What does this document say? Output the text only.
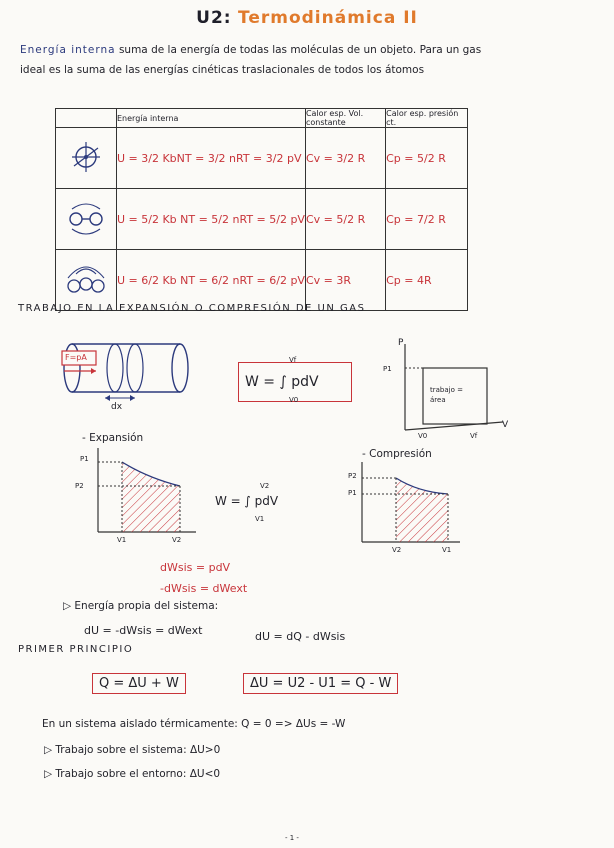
U2: Termodinámica II
Energía interna suma de la energía de todas las moléculas de un objeto. Para un gas
ideal es la suma de las energías cinéticas traslacionales de todos los átomos
	Energía interna	Calor esp. Vol. constante	Calor esp. presión ct.
	U = 3/2 KbNT = 3/2 nRT = 3/2 pV	Cv = 3/2 R	Cp = 5/2 R
	U = 5/2 Kb NT = 5/2 nRT = 5/2 pV	Cv = 5/2 R	Cp = 7/2 R
	U = 6/2 Kb NT = 6/2 nRT = 6/2 pV	Cv = 3R	Cp = 4R
TRABAJO EN LA EXPANSIÓN O COMPRESIÓN DE UN GAS
F=pA
dx
W = ∫ pdV
V0
Vf
P
V
P1
V0	Vf
trabajo = área
- Expansión
P1
P2
V1	V2
W = ∫ pdV
V1
V2
- Compresión
P2
P1
V2	V1
dWsis = pdV
-dWsis = dWext
▷ Energía propia del sistema:
dU = -dWsis = dWext	dU = dQ - dWsis
PRIMER PRINCIPIO
Q = ΔU + W	ΔU = U2 - U1 = Q - W
En un sistema aislado térmicamente: Q = 0 => ΔUs = -W
▷ Trabajo sobre el sistema: ΔU>0
▷ Trabajo sobre el entorno: ΔU<0
- 1 -
